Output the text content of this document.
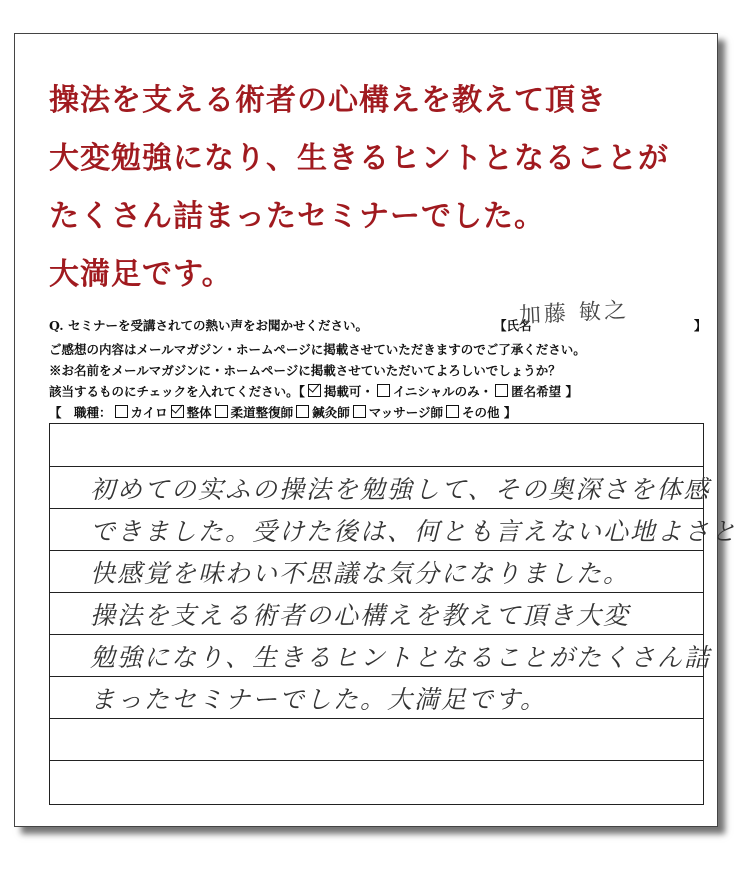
操法を支える術者の心構えを教えて頂き
大変勉強になり、生きるヒントとなることが
たくさん詰まったセミナーでした。
大満足です。
Q. セミナーを受講されての熱い声をお聞かせください。	【氏名
加藤 敏之	】
ご感想の内容はメールマガジン・ホームページに掲載させていただきますのでご了承ください。
※お名前をメールマガジンに・ホームページに掲載させていただいてよろしいでしょうか？
該当するものにチェックを入れてください。【 掲載可・ イニシャルのみ・ 匿名希望 】
【　職種： カイロ 整体 柔道整復師 鍼灸師 マッサージ師 その他 】
初めての实ふの操法を勉強して、その奥深さを体感
できました。受けた後は、何とも言えない心地よさと
快感覚を味わい不思議な気分になりました。
操法を支える術者の心構えを教えて頂き大変
勉強になり、生きるヒントとなることがたくさん詰
まったセミナーでした。大満足です。
